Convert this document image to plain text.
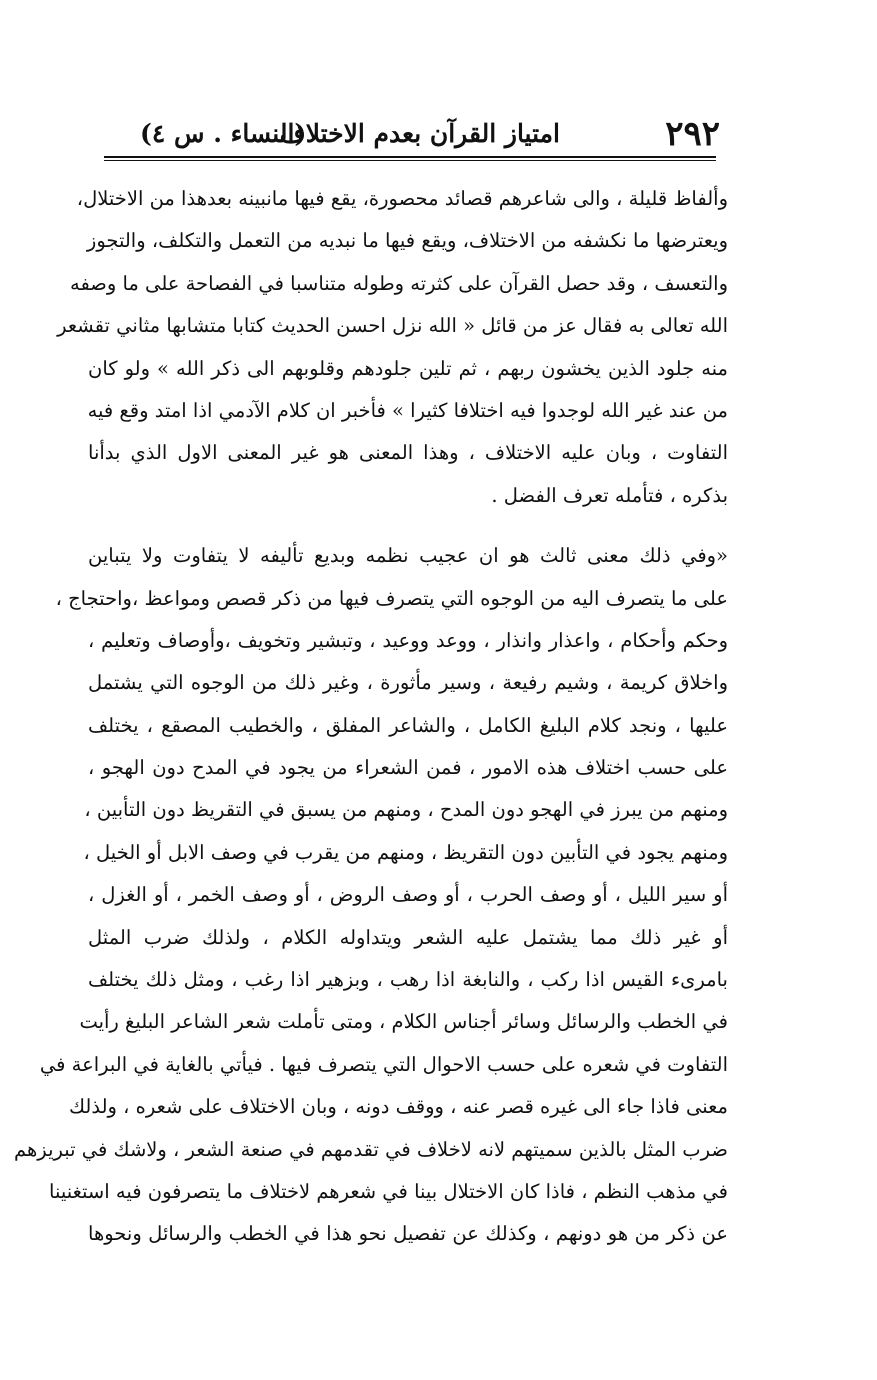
٢٩٢
امتياز القرآن بعدم الاختلاف
(النساء . س ٤)
وألفاظ قليلة ، والى شاعرهم قصائد محصورة، يقع فيها مانبينه بعدهذا من الاختلال،
ويعترضها ما نكشفه من الاختلاف، ويقع فيها ما نبديه من التعمل والتكلف، والتجوز
والتعسف ، وقد حصل القرآن على كثرته وطوله متناسبا في الفصاحة على ما وصفه
الله تعالى به فقال عز من قائل « الله نزل احسن الحديث كتابا متشابها مثاني تقشعر
منه جلود الذين يخشون ربهم ، ثم تلين جلودهم وقلوبهم الى ذكر الله » ولو كان
من عند غير الله لوجدوا فيه اختلافا كثيرا » فأخبر ان كلام الآدمي اذا امتد وقع فيه
التفاوت ، وبان عليه الاختلاف ، وهذا المعنى هو غير المعنى الاول الذي بدأنا
بذكره ، فتأمله تعرف الفضل .
«وفي ذلك معنى ثالث هو ان عجيب نظمه وبديع تأليفه لا يتفاوت ولا يتباين
على ما يتصرف اليه من الوجوه التي يتصرف فيها من ذكر قصص ومواعظ ،واحتجاج ،
وحكم وأحكام ، واعذار وانذار ، ووعد ووعيد ، وتبشير وتخويف ،وأوصاف وتعليم ،
واخلاق كريمة ، وشيم رفيعة ، وسير مأثورة ، وغير ذلك من الوجوه التي يشتمل
عليها ، ونجد كلام البليغ الكامل ، والشاعر المفلق ، والخطيب المصقع ، يختلف
على حسب اختلاف هذه الامور ، فمن الشعراء من يجود في المدح دون الهجو ،
ومنهم من يبرز في الهجو دون المدح ، ومنهم من يسبق في التقريظ دون التأبين ،
ومنهم يجود في التأبين دون التقريظ ، ومنهم من يقرب في وصف الابل أو الخيل ،
أو سير الليل ، أو وصف الحرب ، أو وصف الروض ، أو وصف الخمر ، أو الغزل ،
أو غير ذلك مما يشتمل عليه الشعر ويتداوله الكلام ، ولذلك ضرب المثل
بامرىء القيس اذا ركب ، والنابغة اذا رهب ، وبزهير اذا رغب ، ومثل ذلك يختلف
في الخطب والرسائل وسائر أجناس الكلام ، ومتى تأملت شعر الشاعر البليغ رأيت
التفاوت في شعره على حسب الاحوال التي يتصرف فيها . فيأتي بالغاية في البراعة في
معنى فاذا جاء الى غيره قصر عنه ، ووقف دونه ، وبان الاختلاف على شعره ، ولذلك
ضرب المثل بالذين سميتهم لانه لاخلاف في تقدمهم في صنعة الشعر ، ولاشك في تبريزهم
في مذهب النظم ، فاذا كان الاختلال بينا في شعرهم لاختلاف ما يتصرفون فيه استغنينا
عن ذكر من هو دونهم ، وكذلك عن تفصيل نحو هذا في الخطب والرسائل ونحوها
